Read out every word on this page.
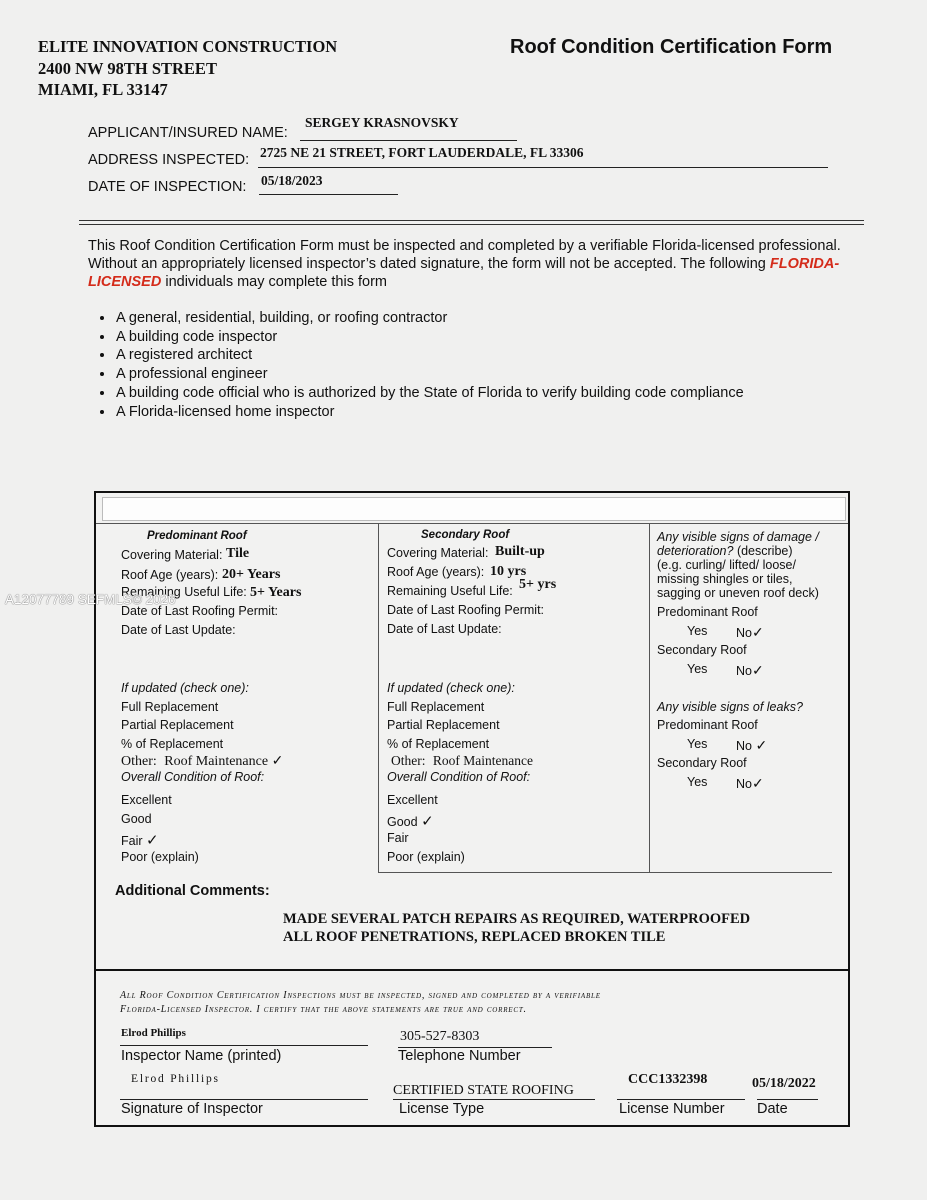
ELITE INNOVATION CONSTRUCTION
2400 NW 98TH STREET
MIAMI, FL 33147
Roof Condition Certification Form
APPLICANT/INSURED NAME:
SERGEY KRASNOVSKY
ADDRESS INSPECTED: 2725 NE 21 STREET, FORT LAUDERDALE, FL 33306
DATE OF INSPECTION: 05/18/2023
This Roof Condition Certification Form must be inspected and completed by a verifiable Florida-licensed professional. Without an appropriately licensed inspector’s dated signature, the form will not be accepted. The following FLORIDA-LICENSED individuals may complete this form
• A general, residential, building, or roofing contractor
• A building code inspector
• A registered architect
• A professional engineer
• A building code official who is authorized by the State of Florida to verify building code compliance
• A Florida-licensed home inspector
Predominant Roof
Covering Material: Tile
Roof Age (years): 20+ Years
Remaining Useful Life: 5+ Years
Date of Last Roofing Permit:
Date of Last Update:
If updated (check one):
Full Replacement
Partial Replacement
% of Replacement
Other: Roof Maintenance ✓
Overall Condition of Roof:
Excellent
Good
Fair ✓
Poor (explain)
Secondary Roof
Covering Material: Built-up
Roof Age (years): 10 yrs
Remaining Useful Life: 5+ yrs
Date of Last Roofing Permit:
Date of Last Update:
If updated (check one):
Full Replacement
Partial Replacement
% of Replacement
Other: Roof Maintenance
Overall Condition of Roof:
Excellent
Good ✓
Fair
Poor (explain)
Any visible signs of damage /
deterioration? (describe)
(e.g. curling/ lifted/ loose/
missing shingles or tiles,
sagging or uneven roof deck)
Predominant Roof
Yes No✓
Secondary Roof
Yes No✓
Any visible signs of leaks?
Predominant Roof
Yes No ✓
Secondary Roof
Yes No✓
Additional Comments:
MADE SEVERAL PATCH REPAIRS AS REQUIRED, WATERPROOFED
ALL ROOF PENETRATIONS, REPLACED BROKEN TILE
All Roof Condition Certification Inspections must be inspected, signed and completed by a verifiable
Florida-Licensed Inspector. I certify that the above statements are true and correct.
Elrod Phillips
Inspector Name (printed)
305-527-8303
Telephone Number
Elrod Phillips
Signature of Inspector
CERTIFIED STATE ROOFING
License Type
CCC1332398
License Number
05/18/2022
Date
A12077789 SEFMLS© 2026
